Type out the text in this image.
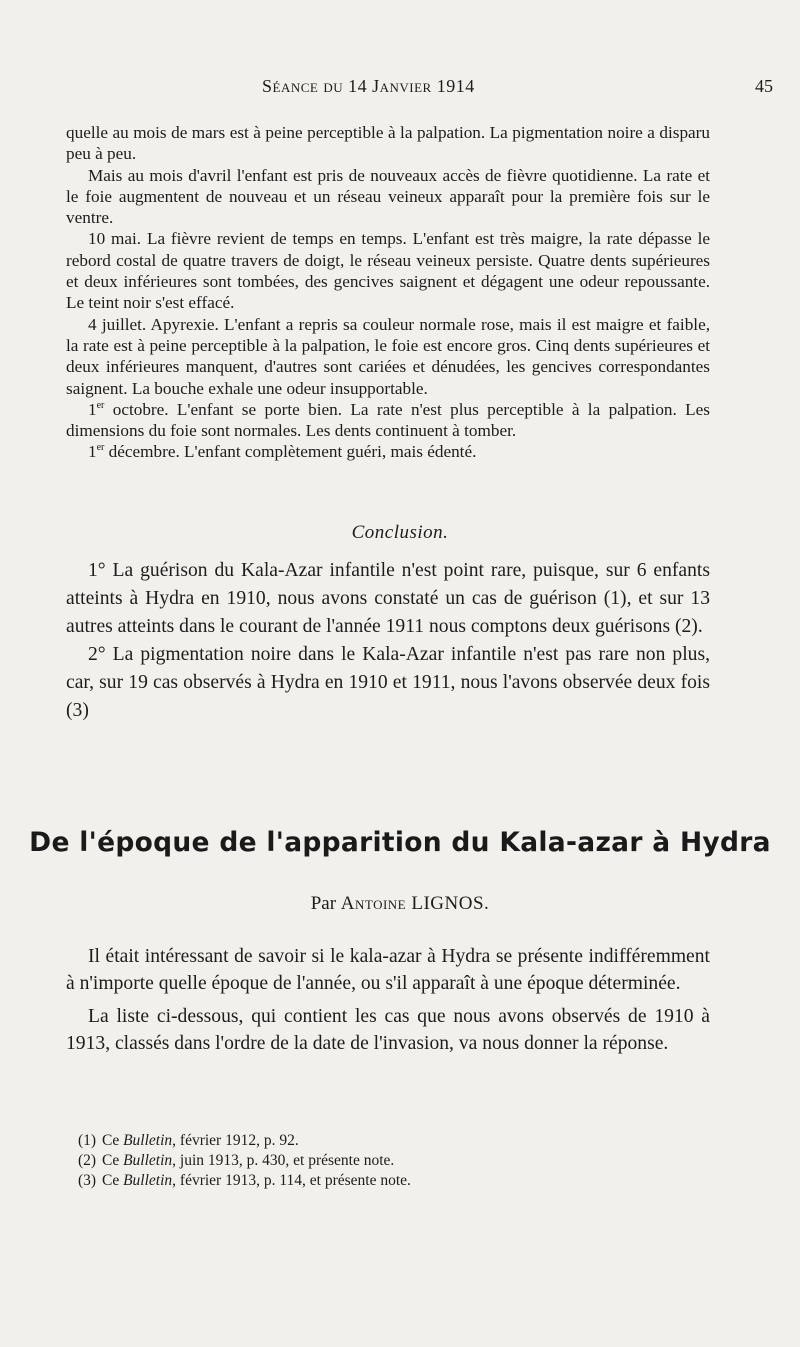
Séance du 14 Janvier 1914	45

quelle au mois de mars est à peine perceptible à la palpation. La pigmentation noire a disparu peu à peu.

Mais au mois d'avril l'enfant est pris de nouveaux accès de fièvre quotidienne. La rate et le foie augmentent de nouveau et un réseau veineux apparaît pour la première fois sur le ventre.

10 mai. La fièvre revient de temps en temps. L'enfant est très maigre, la rate dépasse le rebord costal de quatre travers de doigt, le réseau veineux persiste. Quatre dents supérieures et deux inférieures sont tombées, des gencives saignent et dégagent une odeur repoussante. Le teint noir s'est effacé.

4 juillet. Apyrexie. L'enfant a repris sa couleur normale rose, mais il est maigre et faible, la rate est à peine perceptible à la palpation, le foie est encore gros. Cinq dents supérieures et deux inférieures manquent, d'autres sont cariées et dénudées, les gencives correspondantes saignent. La bouche exhale une odeur insupportable.

1er octobre. L'enfant se porte bien. La rate n'est plus perceptible à la palpation. Les dimensions du foie sont normales. Les dents continuent à tomber.

1er décembre. L'enfant complètement guéri, mais édenté.

Conclusion.

1° La guérison du Kala-Azar infantile n'est point rare, puisque, sur 6 enfants atteints à Hydra en 1910, nous avons constaté un cas de guérison (1), et sur 13 autres atteints dans le courant de l'année 1911 nous comptons deux guérisons (2).

2° La pigmentation noire dans le Kala-Azar infantile n'est pas rare non plus, car, sur 19 cas observés à Hydra en 1910 et 1911, nous l'avons observée deux fois (3)

De l'époque de l'apparition du Kala-azar à Hydra
Par Antoine LIGNOS.

Il était intéressant de savoir si le kala-azar à Hydra se présente indifféremment à n'importe quelle époque de l'année, ou s'il apparaît à une époque déterminée.

La liste ci-dessous, qui contient les cas que nous avons observés de 1910 à 1913, classés dans l'ordre de la date de l'invasion, va nous donner la réponse.

(1) Ce Bulletin, février 1912, p. 92.
(2) Ce Bulletin, juin 1913, p. 430, et présente note.
(3) Ce Bulletin, février 1913, p. 114, et présente note.
